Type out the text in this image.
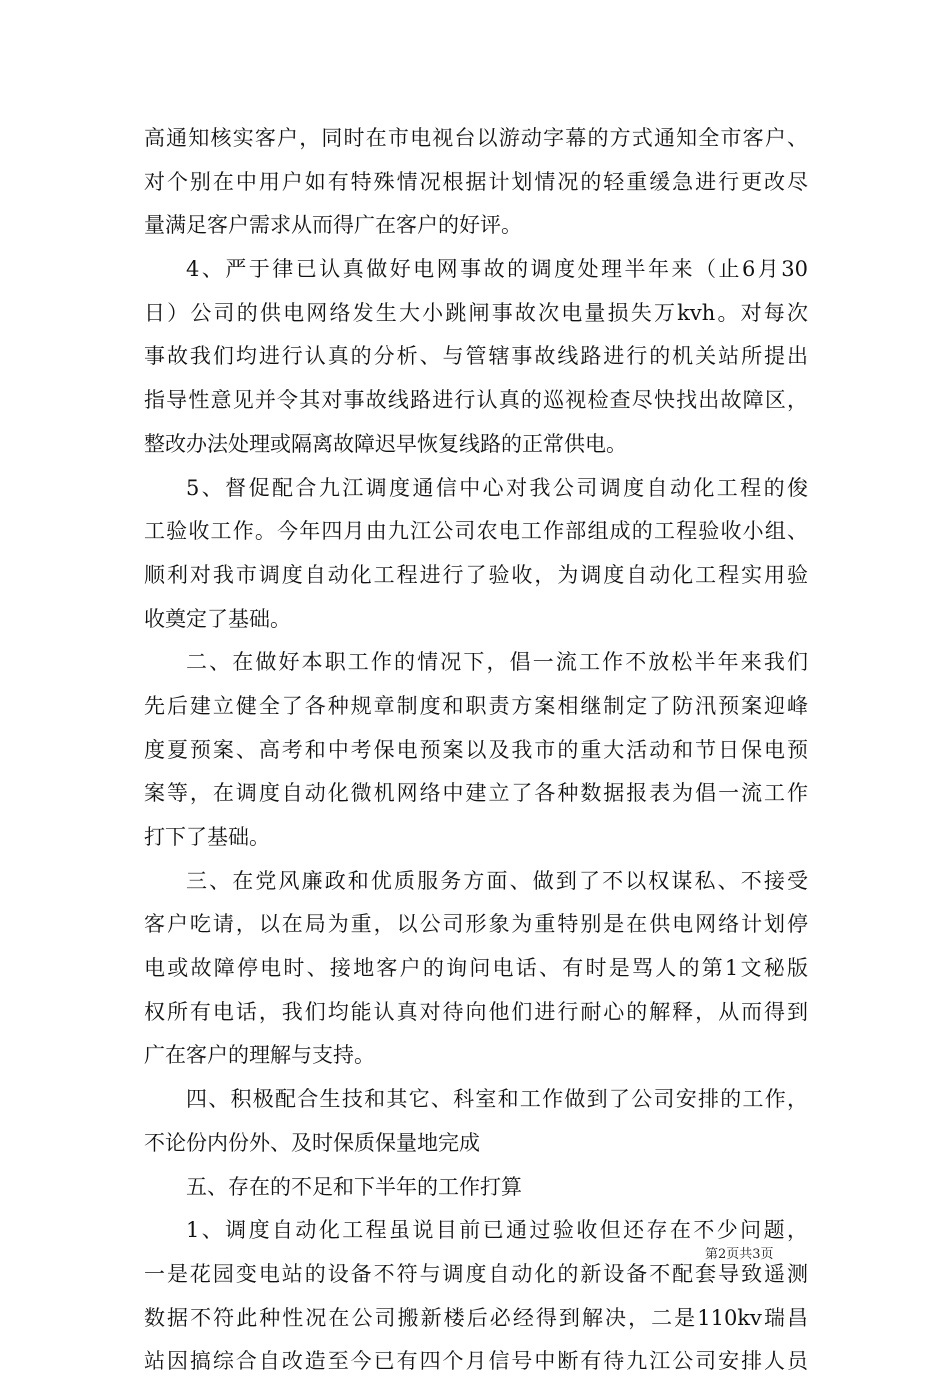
高通知核实客户，同时在市电视台以游动字幕的方式通知全市客户、
对个别在中用户如有特殊情况根据计划情况的轻重缓急进行更改尽
量满足客户需求从而得广在客户的好评。
4、严于律已认真做好电网事故的调度处理半年来（止6月30
日）公司的供电网络发生大小跳闸事故次电量损失万kvh。对每次
事故我们均进行认真的分析、与管辖事故线路进行的机关站所提出
指导性意见并令其对事故线路进行认真的巡视检查尽快找出故障区，
整改办法处理或隔离故障迟早恢复线路的正常供电。
5、督促配合九江调度通信中心对我公司调度自动化工程的俊
工验收工作。今年四月由九江公司农电工作部组成的工程验收小组、
顺利对我市调度自动化工程进行了验收，为调度自动化工程实用验
收奠定了基础。
二、在做好本职工作的情况下，倡一流工作不放松半年来我们
先后建立健全了各种规章制度和职责方案相继制定了防汛预案迎峰
度夏预案、高考和中考保电预案以及我市的重大活动和节日保电预
案等，在调度自动化微机网络中建立了各种数据报表为倡一流工作
打下了基础。
三、在党风廉政和优质服务方面、做到了不以权谋私、不接受
客户吃请，以在局为重，以公司形象为重特别是在供电网络计划停
电或故障停电时、接地客户的询问电话、有时是骂人的第1文秘版
权所有电话，我们均能认真对待向他们进行耐心的解释，从而得到
广在客户的理解与支持。
四、积极配合生技和其它、科室和工作做到了公司安排的工作，
不论份内份外、及时保质保量地完成
五、存在的不足和下半年的工作打算
1、调度自动化工程虽说目前已通过验收但还存在不少问题，
一是花园变电站的设备不符与调度自动化的新设备不配套导致遥测
数据不符此种性况在公司搬新楼后必经得到解决，二是110kv瑞昌
站因搞综合自改造至今已有四个月信号中断有待九江公司安排人员
第2页共3页
